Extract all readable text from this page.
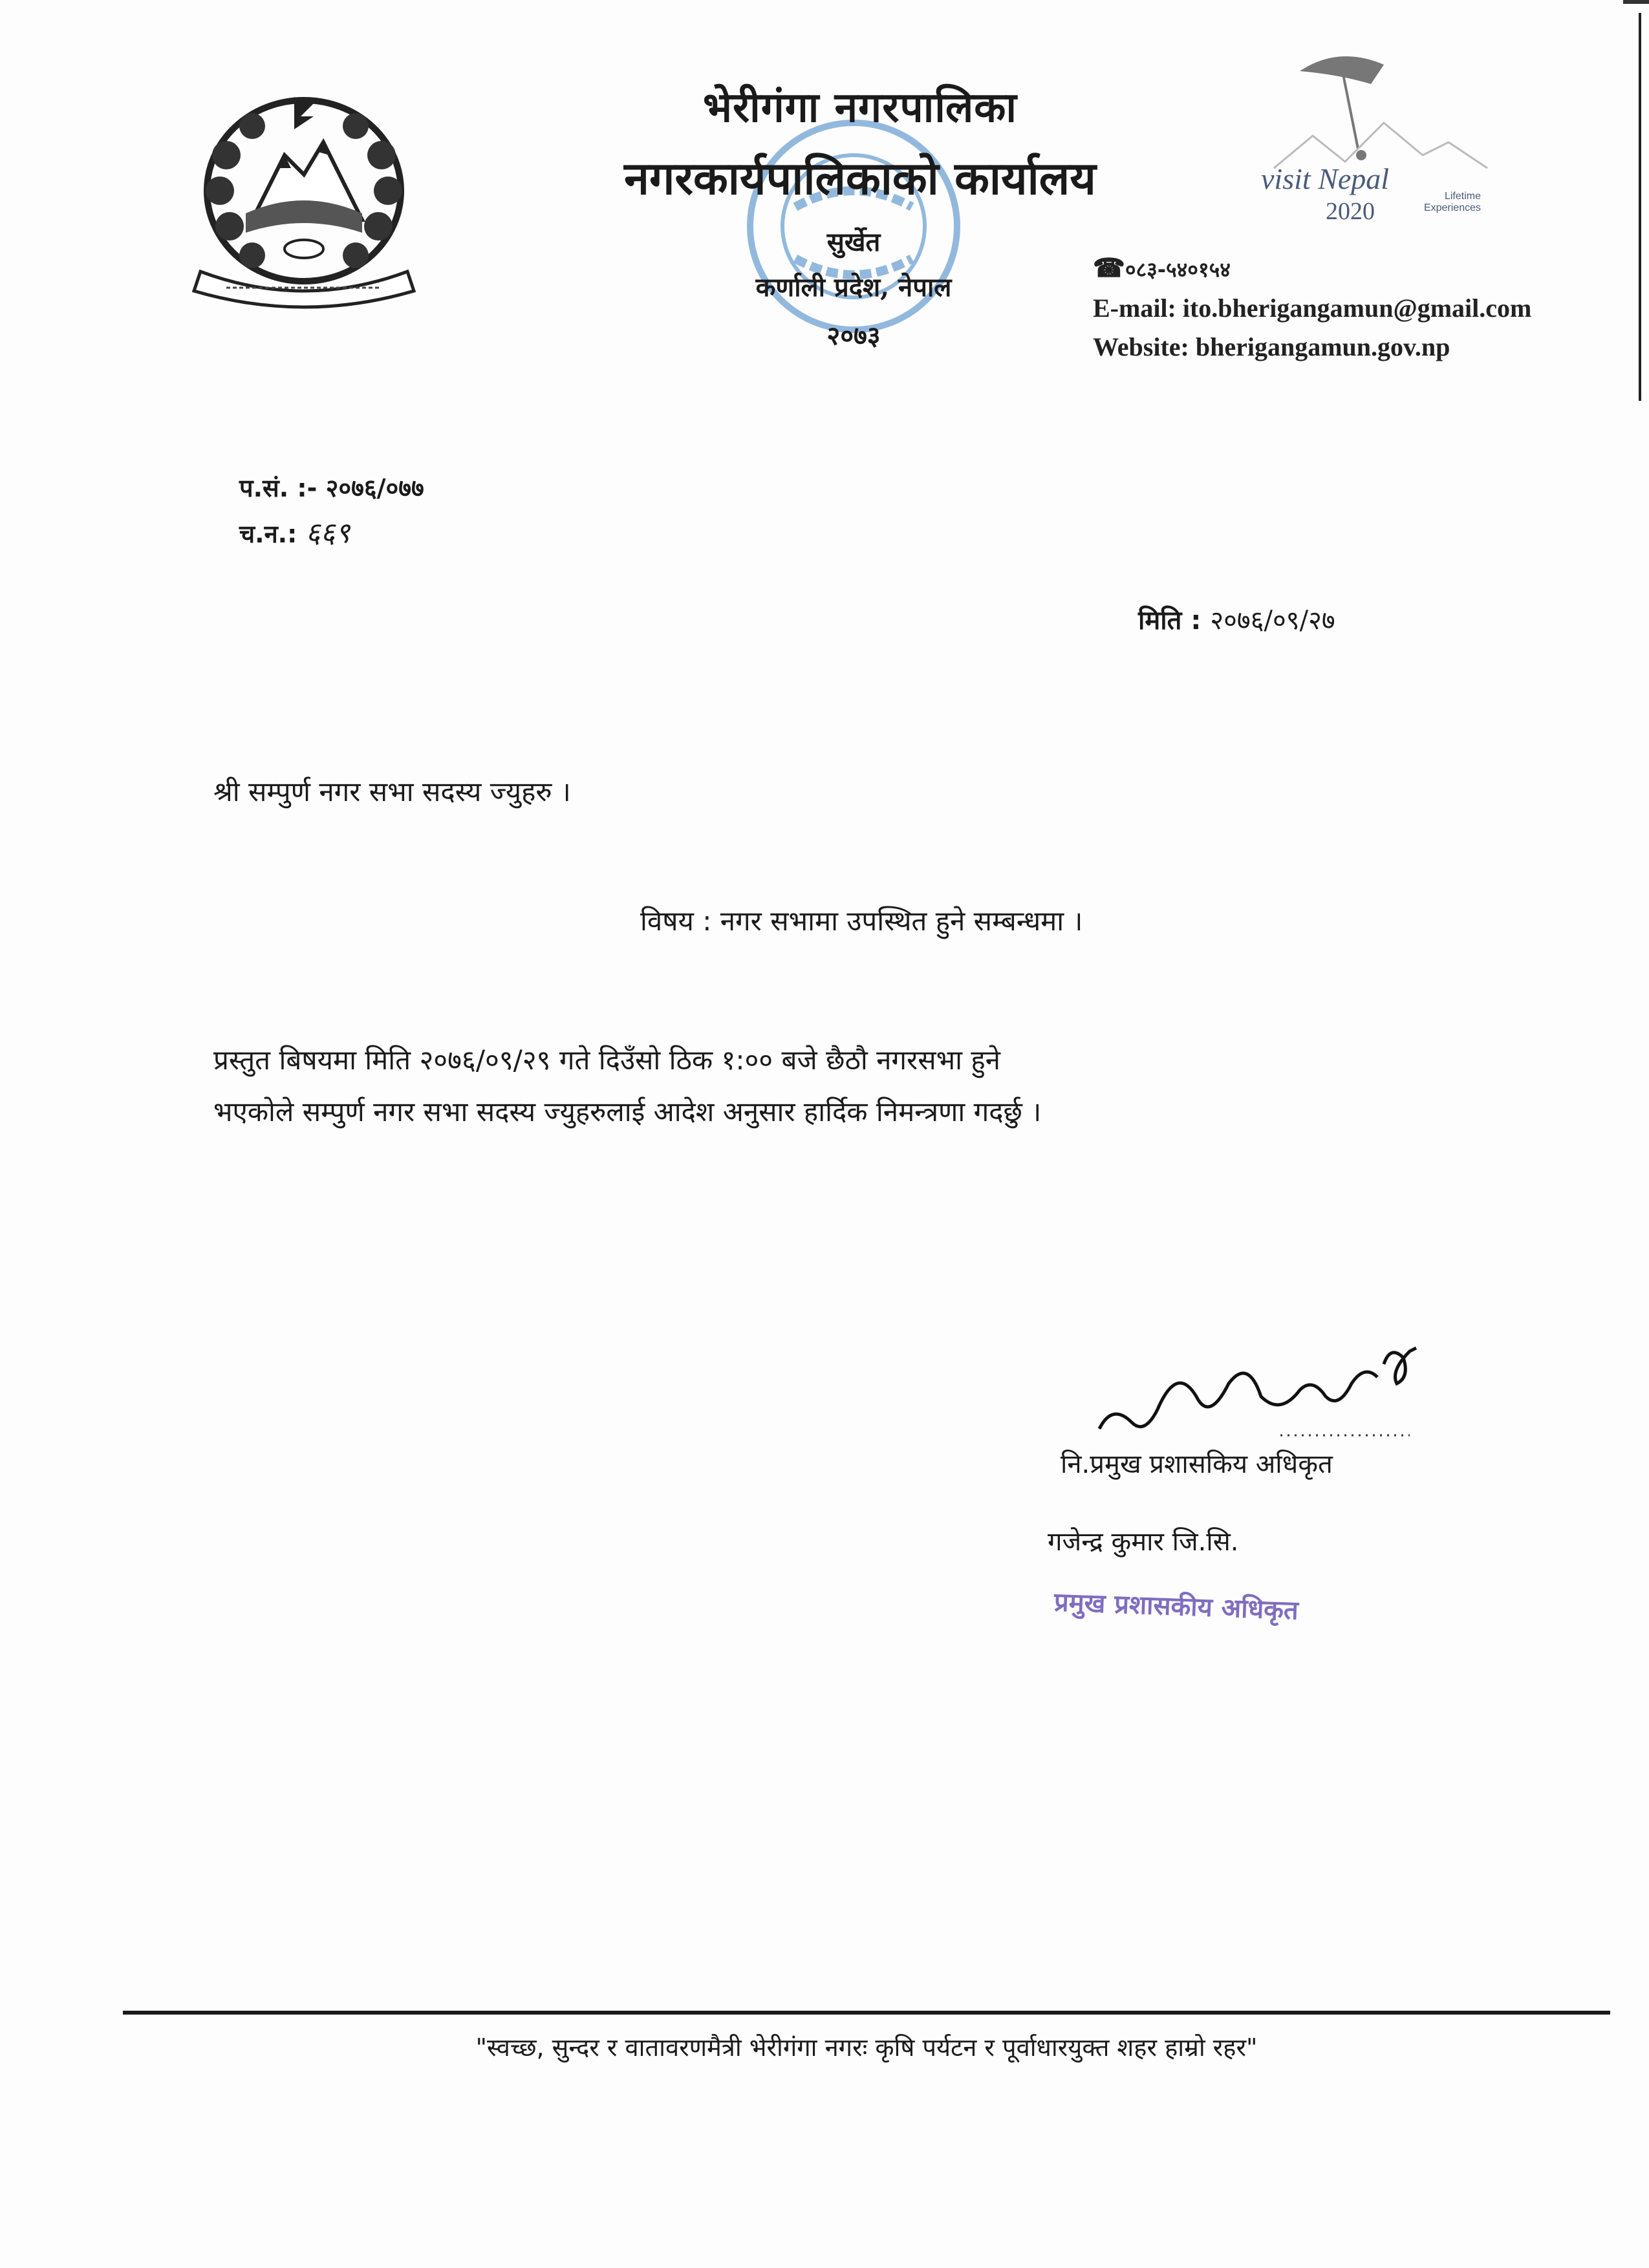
भेरीगंगा नगरपालिका
नगरकार्यपालिकाको कार्यालय
सुर्खेत
कर्णाली प्रदेश, नेपाल
२०७३
visit Nepal
2020
Lifetime Experiences
☎०८३-५४०१५४
E-mail: ito.bherigangamun@gmail.com
Website: bherigangamun.gov.np
प.सं. :- २०७६/०७७
च.न.: ६६९
मिति : २०७६/०९/२७
श्री सम्पुर्ण नगर सभा सदस्य ज्युहरु ।
विषय : नगर सभामा उपस्थित हुने सम्बन्धमा ।
प्रस्तुत बिषयमा मिति २०७६/०९/२९ गते दिउँसो ठिक १:०० बजे छैठौ नगरसभा हुने
भएकोले सम्पुर्ण नगर सभा सदस्य ज्युहरुलाई आदेश अनुसार हार्दिक निमन्त्रणा गदर्छु ।
नि.प्रमुख प्रशासकिय अधिकृत
गजेन्द्र कुमार जि.सि.
प्रमुख प्रशासकीय अधिकृत
"स्वच्छ, सुन्दर र वातावरणमैत्री भेरीगंगा नगरः कृषि पर्यटन र पूर्वाधारयुक्त शहर हाम्रो रहर"
